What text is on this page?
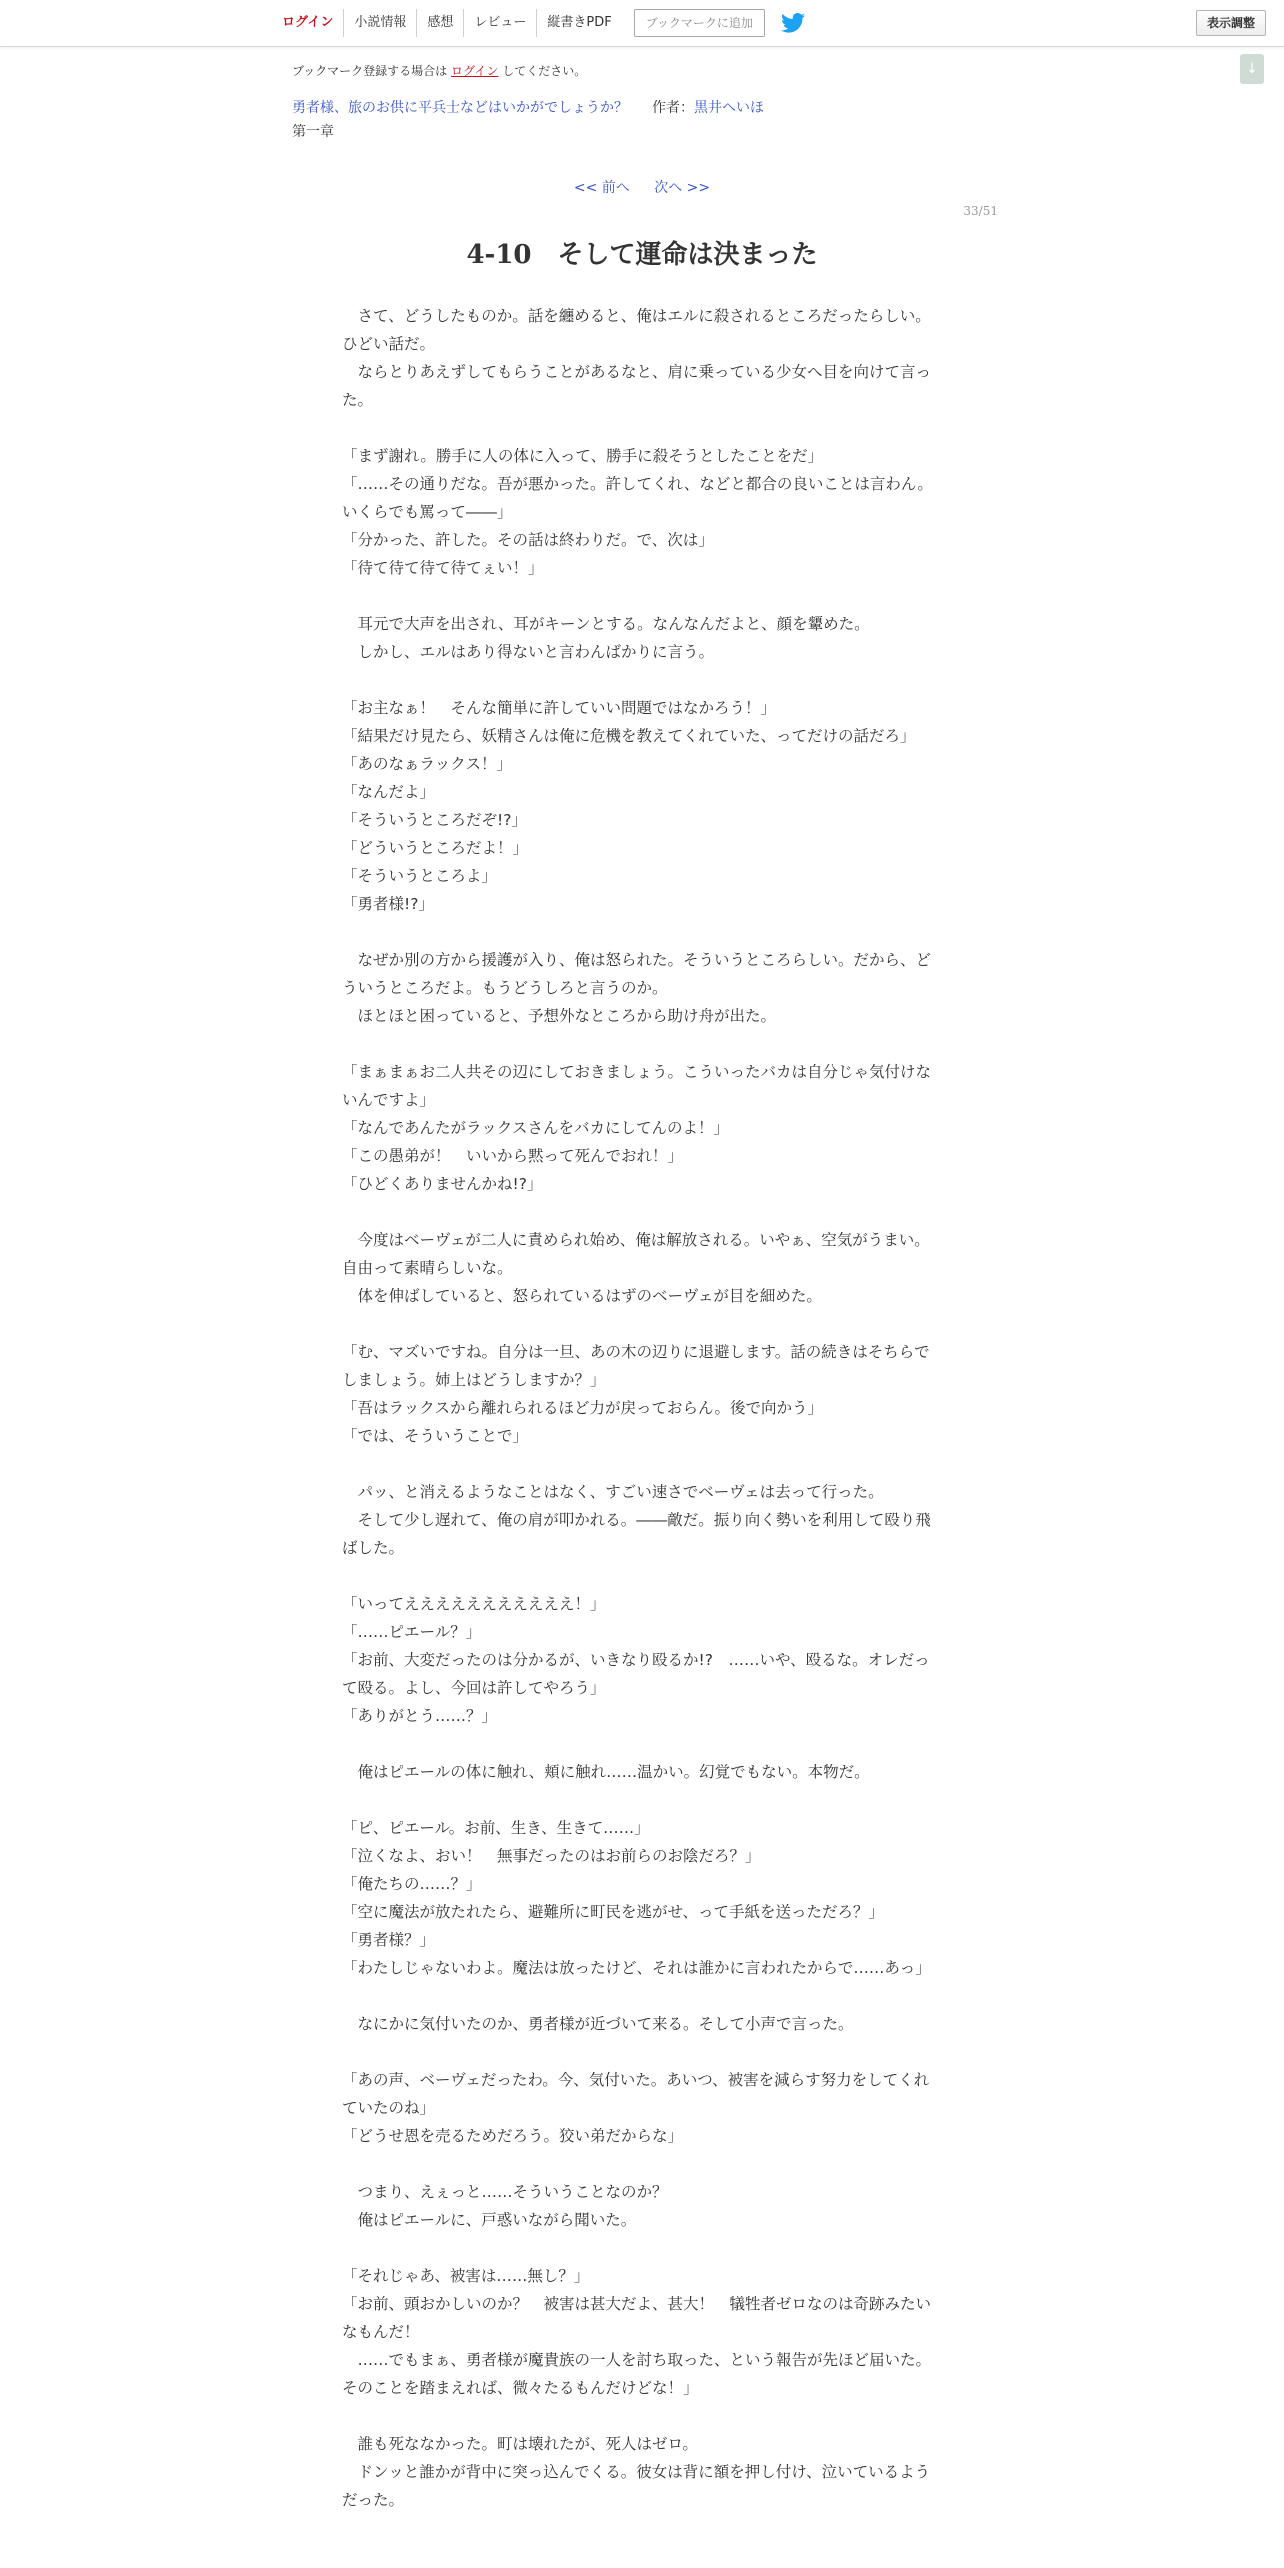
ログイン	小説情報	感想	レビュー	縦書きPDF	ブックマークに追加	表示調整
↓
ブックマーク登録する場合は ログイン してください。
勇者様、旅のお供に平兵士などはいかがでしょうか？ 作者：黒井へいほ
第一章
<< 前へ 次へ >>
33/51
4-10　そして運命は決まった

　さて、どうしたものか。話を纏めると、俺はエルに殺されるところだったらしい。ひどい話だ。

　ならとりあえずしてもらうことがあるなと、肩に乗っている少女へ目を向けて言った。

「まず謝れ。勝手に人の体に入って、勝手に殺そうとしたことをだ」

「……その通りだな。吾が悪かった。許してくれ、などと都合の良いことは言わん。いくらでも罵って――」

「分かった、許した。その話は終わりだ。で、次は」

「待て待て待て待てぇい！」

　耳元で大声を出され、耳がキーンとする。なんなんだよと、顔を顰めた。

　しかし、エルはあり得ないと言わんばかりに言う。

「お主なぁ！　そんな簡単に許していい問題ではなかろう！」

「結果だけ見たら、妖精さんは俺に危機を教えてくれていた、ってだけの話だろ」

「あのなぁラックス！」

「なんだよ」

「そういうところだぞ!?」

「どういうところだよ！」

「そういうところよ」

「勇者様!?」

　なぜか別の方から援護が入り、俺は怒られた。そういうところらしい。だから、どういうところだよ。もうどうしろと言うのか。

　ほとほと困っていると、予想外なところから助け舟が出た。

「まぁまぁお二人共その辺にしておきましょう。こういったバカは自分じゃ気付けないんですよ」

「なんであんたがラックスさんをバカにしてんのよ！」

「この愚弟が！　いいから黙って死んでおれ！」

「ひどくありませんかね!?」

　今度はベーヴェが二人に責められ始め、俺は解放される。いやぁ、空気がうまい。自由って素晴らしいな。

　体を伸ばしていると、怒られているはずのベーヴェが目を細めた。

「む、マズいですね。自分は一旦、あの木の辺りに退避します。話の続きはそちらでしましょう。姉上はどうしますか？」

「吾はラックスから離れられるほど力が戻っておらん。後で向かう」

「では、そういうことで」

　パッ、と消えるようなことはなく、すごい速さでベーヴェは去って行った。

　そして少し遅れて、俺の肩が叩かれる。――敵だ。振り向く勢いを利用して殴り飛ばした。

「いってえええええええええええ！」

「……ピエール？」

「お前、大変だったのは分かるが、いきなり殴るか!?　……いや、殴るな。オレだって殴る。よし、今回は許してやろう」

「ありがとう……？」

　俺はピエールの体に触れ、頬に触れ……温かい。幻覚でもない。本物だ。

「ピ、ピエール。お前、生き、生きて……」

「泣くなよ、おい！　無事だったのはお前らのお陰だろ？」

「俺たちの……？」

「空に魔法が放たれたら、避難所に町民を逃がせ、って手紙を送っただろ？」

「勇者様？」

「わたしじゃないわよ。魔法は放ったけど、それは誰かに言われたからで……あっ」

　なにかに気付いたのか、勇者様が近づいて来る。そして小声で言った。

「あの声、ベーヴェだったわ。今、気付いた。あいつ、被害を減らす努力をしてくれていたのね」

「どうせ恩を売るためだろう。狡い弟だからな」

　つまり、えぇっと……そういうことなのか？

　俺はピエールに、戸惑いながら聞いた。

「それじゃあ、被害は……無し？」

「お前、頭おかしいのか？　被害は甚大だよ、甚大！　犠牲者ゼロなのは奇跡みたいなもんだ！

　……でもまぁ、勇者様が魔貴族の一人を討ち取った、という報告が先ほど届いた。そのことを踏まえれば、微々たるもんだけどな！」

　誰も死ななかった。町は壊れたが、死人はゼロ。

　ドンッと誰かが背中に突っ込んでくる。彼女は背に額を押し付け、泣いているようだった。
